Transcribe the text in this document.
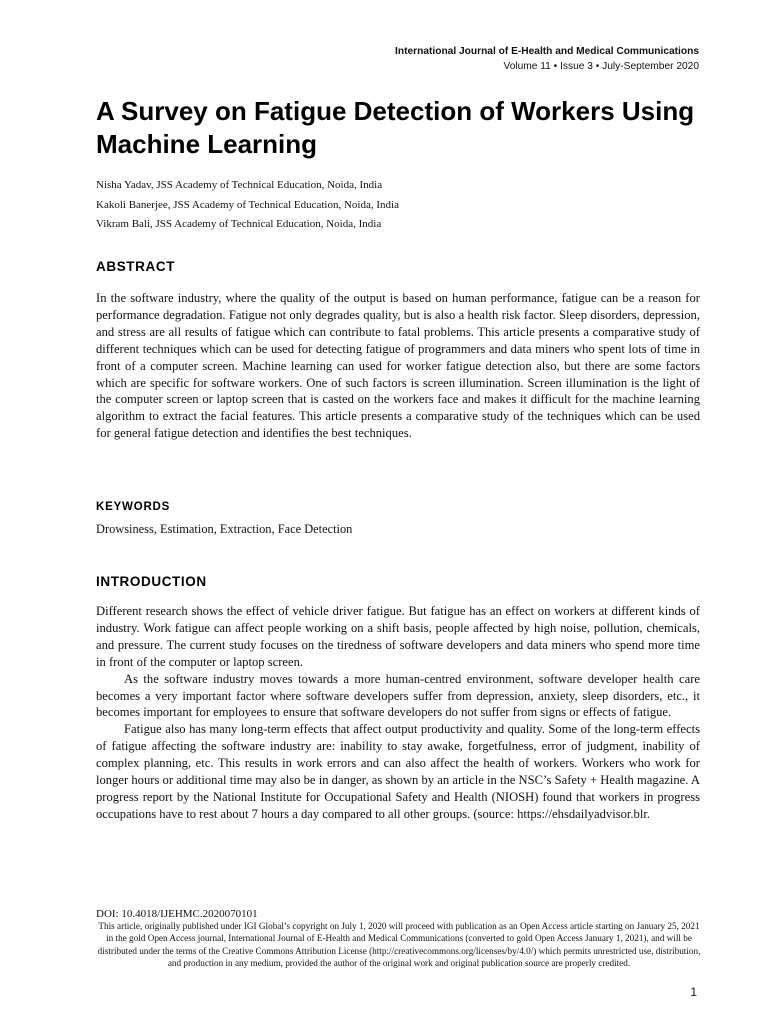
International Journal of E-Health and Medical Communications
Volume 11 • Issue 3 • July-September 2020
A Survey on Fatigue Detection of Workers Using Machine Learning
Nisha Yadav, JSS Academy of Technical Education, Noida, India
Kakoli Banerjee, JSS Academy of Technical Education, Noida, India
Vikram Bali, JSS Academy of Technical Education, Noida, India
ABSTRACT

In the software industry, where the quality of the output is based on human performance, fatigue can be a reason for performance degradation. Fatigue not only degrades quality, but is also a health risk factor. Sleep disorders, depression, and stress are all results of fatigue which can contribute to fatal problems. This article presents a comparative study of different techniques which can be used for detecting fatigue of programmers and data miners who spent lots of time in front of a computer screen. Machine learning can used for worker fatigue detection also, but there are some factors which are specific for software workers. One of such factors is screen illumination. Screen illumination is the light of the computer screen or laptop screen that is casted on the workers face and makes it difficult for the machine learning algorithm to extract the facial features. This article presents a comparative study of the techniques which can be used for general fatigue detection and identifies the best techniques.

KEYWORDS
Drowsiness, Estimation, Extraction, Face Detection
INTRODUCTION

Different research shows the effect of vehicle driver fatigue. But fatigue has an effect on workers at different kinds of industry. Work fatigue can affect people working on a shift basis, people affected by high noise, pollution, chemicals, and pressure. The current study focuses on the tiredness of software developers and data miners who spend more time in front of the computer or laptop screen.

As the software industry moves towards a more human-centred environment, software developer health care becomes a very important factor where software developers suffer from depression, anxiety, sleep disorders, etc., it becomes important for employees to ensure that software developers do not suffer from signs or effects of fatigue.

Fatigue also has many long-term effects that affect output productivity and quality. Some of the long-term effects of fatigue affecting the software industry are: inability to stay awake, forgetfulness, error of judgment, inability of complex planning, etc. This results in work errors and can also affect the health of workers. Workers who work for longer hours or additional time may also be in danger, as shown by an article in the NSC’s Safety + Health magazine. A progress report by the National Institute for Occupational Safety and Health (NIOSH) found that workers in progress occupations have to rest about 7 hours a day compared to all other groups. (source: https://ehsdailyadvisor.blr.

DOI: 10.4018/IJEHMC.2020070101

This article, originally published under IGI Global’s copyright on July 1, 2020 will proceed with publication as an Open Access article starting on January 25, 2021 in the gold Open Access journal, International Journal of E-Health and Medical Communications (converted to gold Open Access January 1, 2021), and will be distributed under the terms of the Creative Commons Attribution License (http://creativecommons.org/licenses/by/4.0/) which permits unrestricted use, distribution, and production in any medium, provided the author of the original work and original publication source are properly credited.

1
